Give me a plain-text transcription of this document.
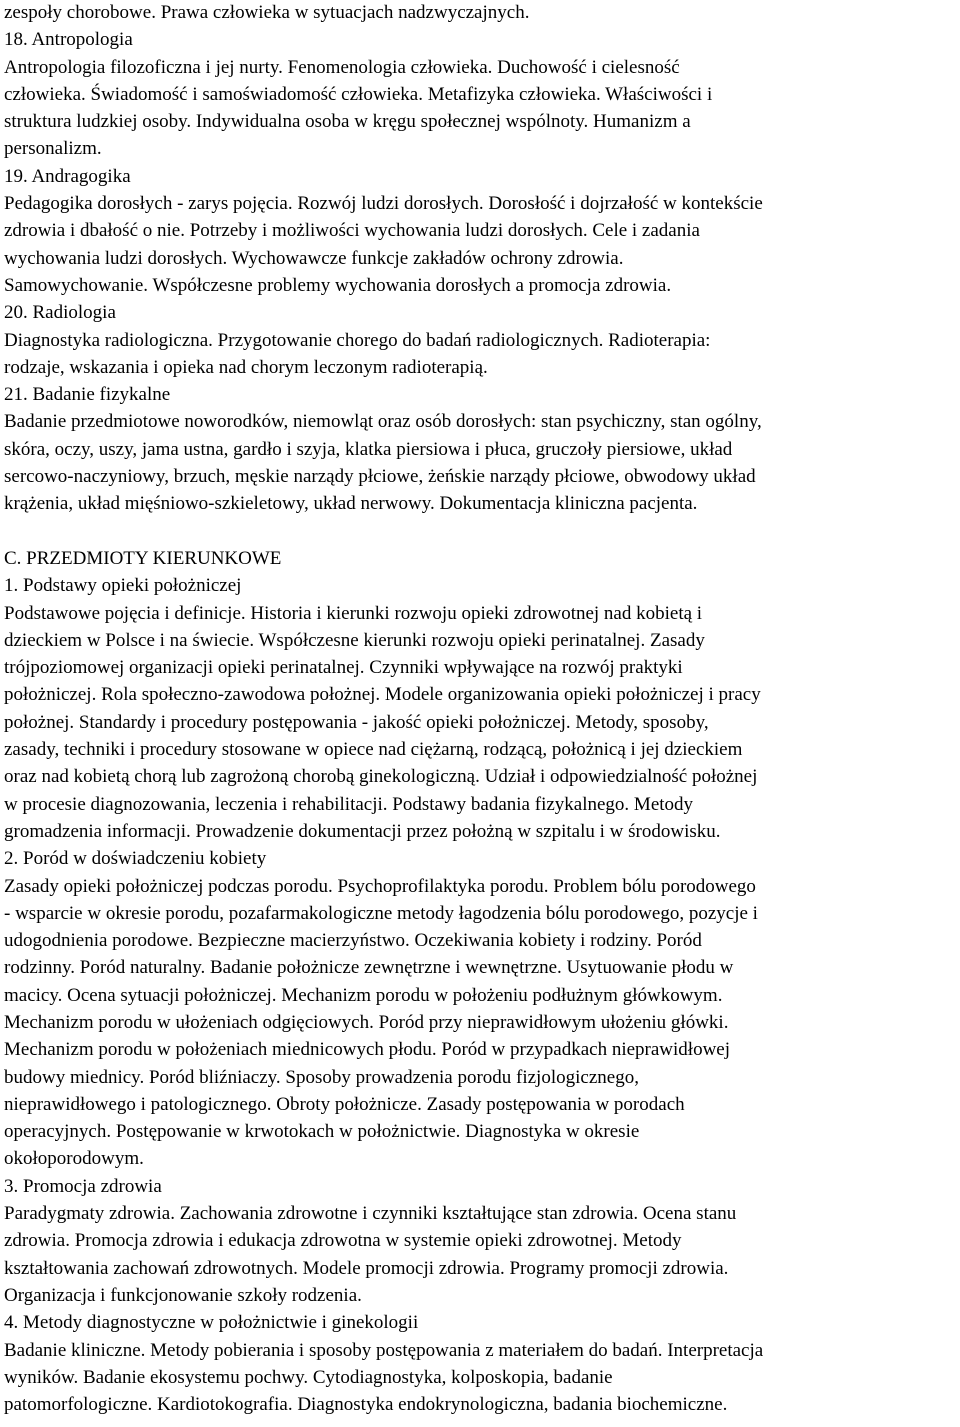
zespoły chorobowe. Prawa człowieka w sytuacjach nadzwyczajnych.
18. Antropologia
Antropologia filozoficzna i jej nurty. Fenomenologia człowieka. Duchowość i cielesność
człowieka. Świadomość i samoświadomość człowieka. Metafizyka człowieka. Właściwości i
struktura ludzkiej osoby. Indywidualna osoba w kręgu społecznej wspólnoty. Humanizm a
personalizm.
19. Andragogika
Pedagogika dorosłych - zarys pojęcia. Rozwój ludzi dorosłych. Dorosłość i dojrzałość w kontekście
zdrowia i dbałość o nie. Potrzeby i możliwości wychowania ludzi dorosłych. Cele i zadania
wychowania ludzi dorosłych. Wychowawcze funkcje zakładów ochrony zdrowia.
Samowychowanie. Współczesne problemy wychowania dorosłych a promocja zdrowia.
20. Radiologia
Diagnostyka radiologiczna. Przygotowanie chorego do badań radiologicznych. Radioterapia:
rodzaje, wskazania i opieka nad chorym leczonym radioterapią.
21. Badanie fizykalne
Badanie przedmiotowe noworodków, niemowląt oraz osób dorosłych: stan psychiczny, stan ogólny,
skóra, oczy, uszy, jama ustna, gardło i szyja, klatka piersiowa i płuca, gruczoły piersiowe, układ
sercowo-naczyniowy, brzuch, męskie narządy płciowe, żeńskie narządy płciowe, obwodowy układ
krążenia, układ mięśniowo-szkieletowy, układ nerwowy. Dokumentacja kliniczna pacjenta.
C. PRZEDMIOTY KIERUNKOWE
1. Podstawy opieki położniczej
Podstawowe pojęcia i definicje. Historia i kierunki rozwoju opieki zdrowotnej nad kobietą i
dzieckiem w Polsce i na świecie. Współczesne kierunki rozwoju opieki perinatalnej. Zasady
trójpoziomowej organizacji opieki perinatalnej. Czynniki wpływające na rozwój praktyki
położniczej. Rola społeczno-zawodowa położnej. Modele organizowania opieki położniczej i pracy
położnej. Standardy i procedury postępowania - jakość opieki położniczej. Metody, sposoby,
zasady, techniki i procedury stosowane w opiece nad ciężarną, rodzącą, położnicą i jej dzieckiem
oraz nad kobietą chorą lub zagrożoną chorobą ginekologiczną. Udział i odpowiedzialność położnej
w procesie diagnozowania, leczenia i rehabilitacji. Podstawy badania fizykalnego. Metody
gromadzenia informacji. Prowadzenie dokumentacji przez położną w szpitalu i w środowisku.
2. Poród w doświadczeniu kobiety
Zasady opieki położniczej podczas porodu. Psychoprofilaktyka porodu. Problem bólu porodowego
- wsparcie w okresie porodu, pozafarmakologiczne metody łagodzenia bólu porodowego, pozycje i
udogodnienia porodowe. Bezpieczne macierzyństwo. Oczekiwania kobiety i rodziny. Poród
rodzinny. Poród naturalny. Badanie położnicze zewnętrzne i wewnętrzne. Usytuowanie płodu w
macicy. Ocena sytuacji położniczej. Mechanizm porodu w położeniu podłużnym główkowym.
Mechanizm porodu w ułożeniach odgięciowych. Poród przy nieprawidłowym ułożeniu główki.
Mechanizm porodu w położeniach miednicowych płodu. Poród w przypadkach nieprawidłowej
budowy miednicy. Poród bliźniaczy. Sposoby prowadzenia porodu fizjologicznego,
nieprawidłowego i patologicznego. Obroty położnicze. Zasady postępowania w porodach
operacyjnych. Postępowanie w krwotokach w położnictwie. Diagnostyka w okresie
okołoporodowym.
3. Promocja zdrowia
Paradygmaty zdrowia. Zachowania zdrowotne i czynniki kształtujące stan zdrowia. Ocena stanu
zdrowia. Promocja zdrowia i edukacja zdrowotna w systemie opieki zdrowotnej. Metody
kształtowania zachowań zdrowotnych. Modele promocji zdrowia. Programy promocji zdrowia.
Organizacja i funkcjonowanie szkoły rodzenia.
4. Metody diagnostyczne w położnictwie i ginekologii
Badanie kliniczne. Metody pobierania i sposoby postępowania z materiałem do badań. Interpretacja
wyników. Badanie ekosystemu pochwy. Cytodiagnostyka, kolposkopia, badanie
patomorfologiczne. Kardiotokografia. Diagnostyka endokrynologiczna, badania biochemiczne.
